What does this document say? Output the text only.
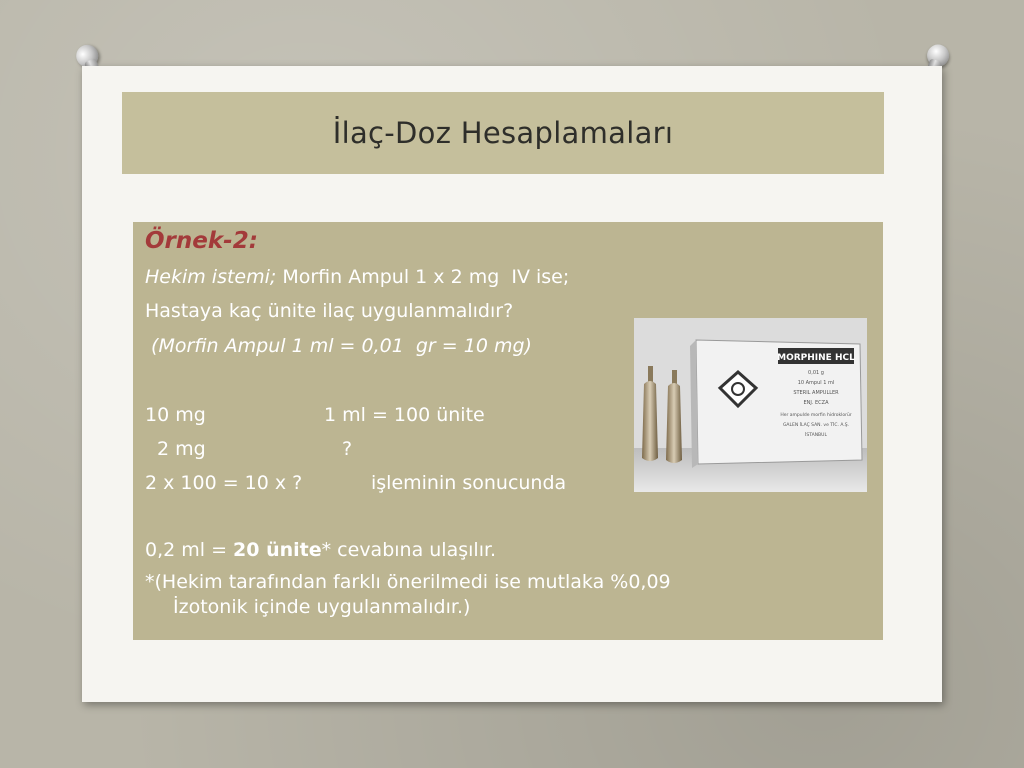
İlaç-Doz Hesaplamaları
Örnek-2:
Hekim istemi; Morfin Ampul 1 x 2 mg  IV ise;
Hastaya kaç ünite ilaç uygulanmalıdır?
(Morfin Ampul 1 ml = 0,01  gr = 10 mg)
10 mg	1 ml = 100 ünite
2 mg	?
2 x 100 = 10 x ?	işleminin sonucunda
0,2 ml = 20 ünite* cevabına ulaşılır.
*(Hekim tarafından farklı önerilmedi ise mutlaka %0,09
İzotonik içinde uygulanmalıdır.)
MORPHINE HCL
0,01 g
10 Ampul 1 ml
STERIL AMPULLER
ENJ. ECZA
Her ampulde morfin hidroklorür
GALEN İLAÇ SAN. ve TİC. A.Ş.
İSTANBUL
